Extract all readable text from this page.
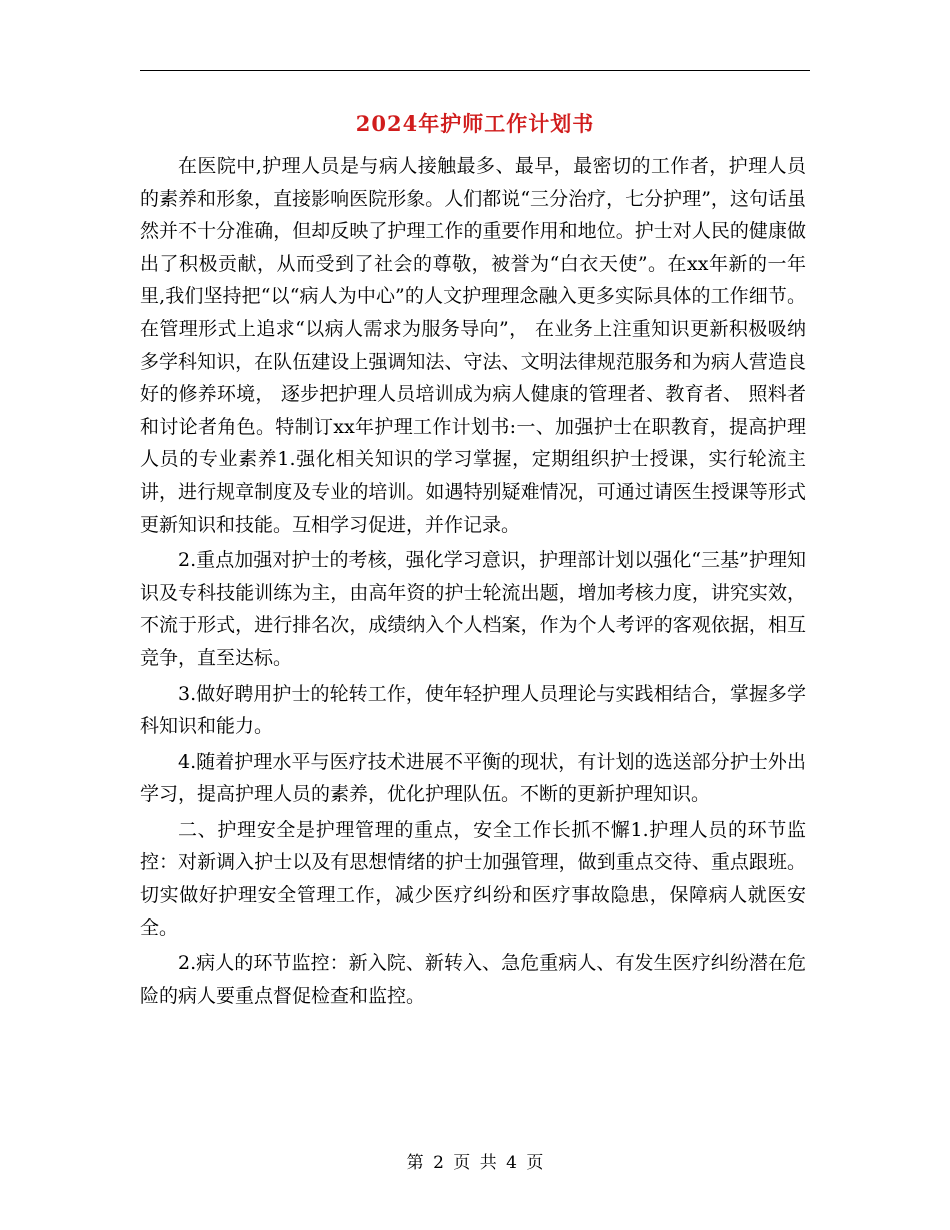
2024年护师工作计划书

在医院中,护理人员是与病人接触最多、最早，最密切的工作者，护理人员的素养和形象，直接影响医院形象。人们都说“三分治疗，七分护理”，这句话虽然并不十分准确，但却反映了护理工作的重要作用和地位。护士对人民的健康做出了积极贡献，从而受到了社会的尊敬，被誉为“白衣天使”。在xx年新的一年里,我们坚持把“以“病人为中心”的人文护理理念融入更多实际具体的工作细节。在管理形式上追求“以病人需求为服务导向”， 在业务上注重知识更新积极吸纳多学科知识，在队伍建设上强调知法、守法、文明法律规范服务和为病人营造良好的修养环境， 逐步把护理人员培训成为病人健康的管理者、教育者、 照料者和讨论者角色。特制订xx年护理工作计划书:一、加强护士在职教育，提高护理人员的专业素养1.强化相关知识的学习掌握，定期组织护士授课，实行轮流主讲，进行规章制度及专业的培训。如遇特别疑难情况，可通过请医生授课等形式更新知识和技能。互相学习促进，并作记录。

2.重点加强对护士的考核，强化学习意识，护理部计划以强化“三基”护理知识及专科技能训练为主，由高年资的护士轮流出题，增加考核力度，讲究实效，不流于形式，进行排名次，成绩纳入个人档案，作为个人考评的客观依据，相互竞争，直至达标。

3.做好聘用护士的轮转工作，使年轻护理人员理论与实践相结合，掌握多学科知识和能力。

4.随着护理水平与医疗技术进展不平衡的现状，有计划的选送部分护士外出学习，提高护理人员的素养，优化护理队伍。不断的更新护理知识。

二、护理安全是护理管理的重点，安全工作长抓不懈1.护理人员的环节监控：对新调入护士以及有思想情绪的护士加强管理，做到重点交待、重点跟班。切实做好护理安全管理工作，减少医疗纠纷和医疗事故隐患，保障病人就医安全。

2.病人的环节监控：新入院、新转入、急危重病人、有发生医疗纠纷潜在危险的病人要重点督促检查和监控。

第 2 页 共 4 页
